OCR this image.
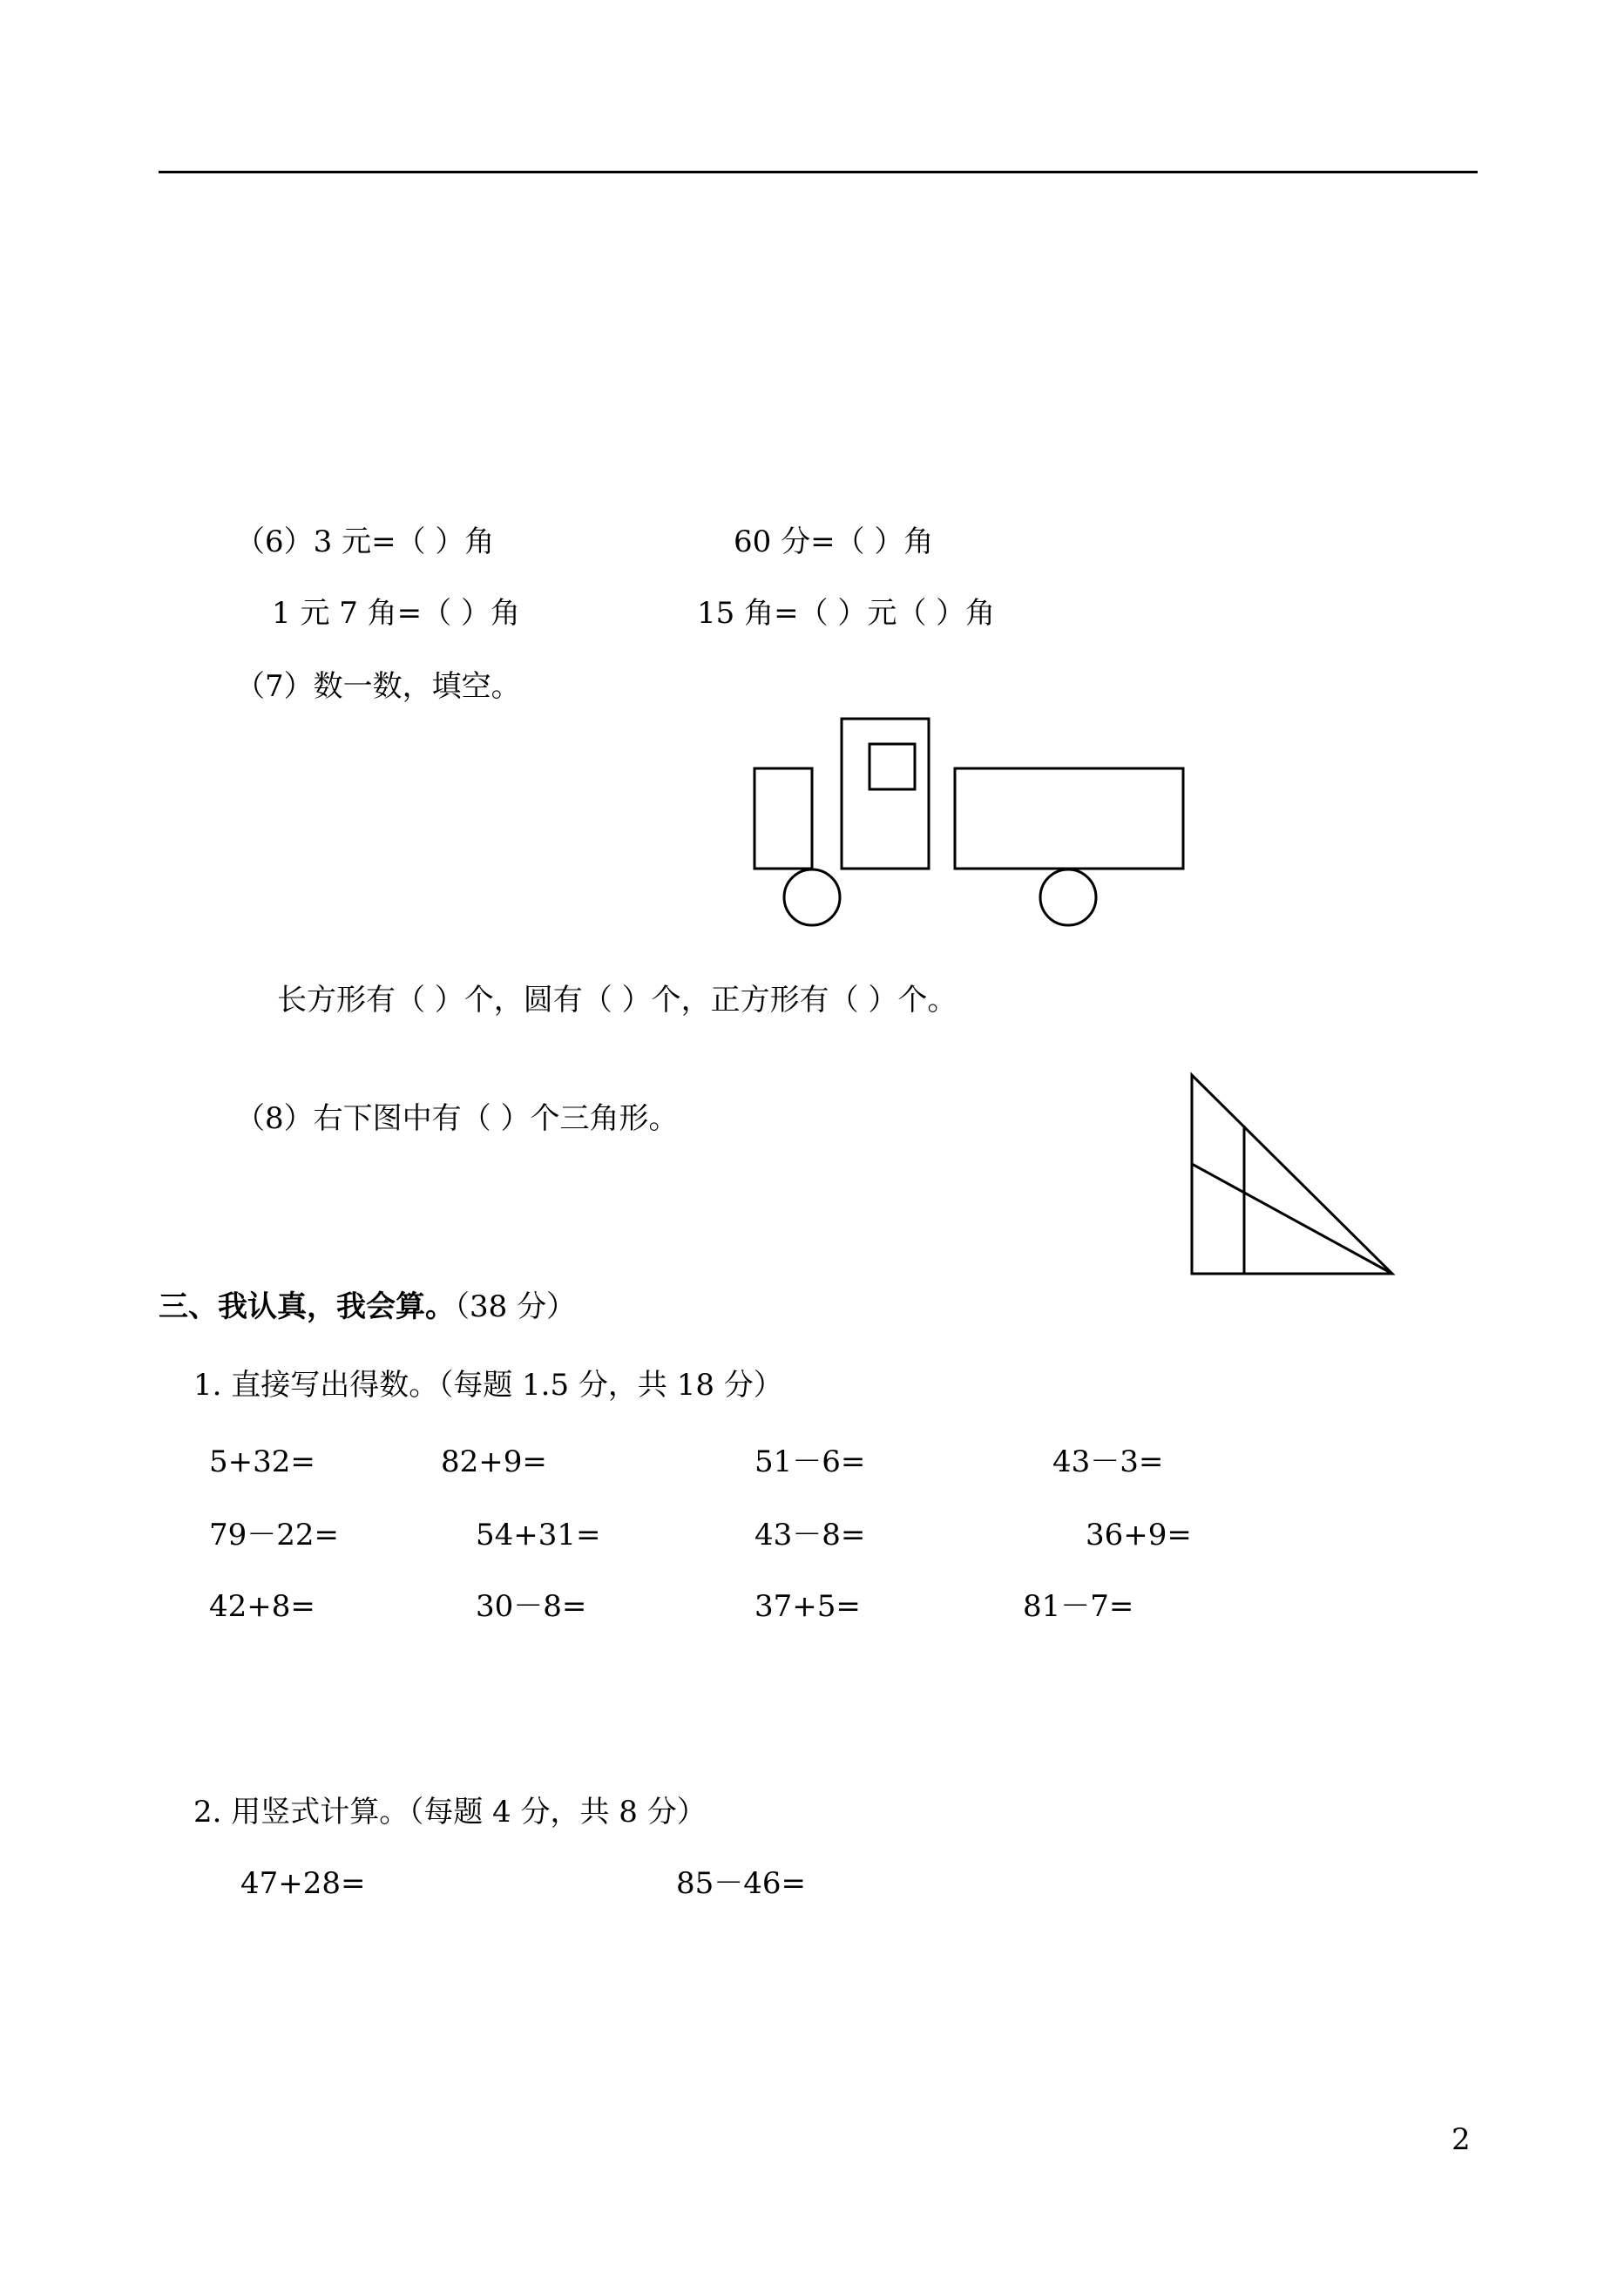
（6）3 元=（ ）角	60 分=（ ）角
1 元 7 角=（ ）角	15 角=（ ）元（ ）角
（7）数一数，填空。
长方形有（ ）个，圆有（ ）个，正方形有（ ）个。
（8）右下图中有（ ）个三角形。
三、我认真，我会算。（38 分）
1. 直接写出得数。（每题 1.5 分，共 18 分）
5+32=	82+9=	51－6=	43－3=
79－22=	54+31=	43－8=	36+9=
42+8=	30－8=	37+5=	81－7=
2. 用竖式计算。（每题 4 分，共 8 分）
47+28=	85－46=
2
